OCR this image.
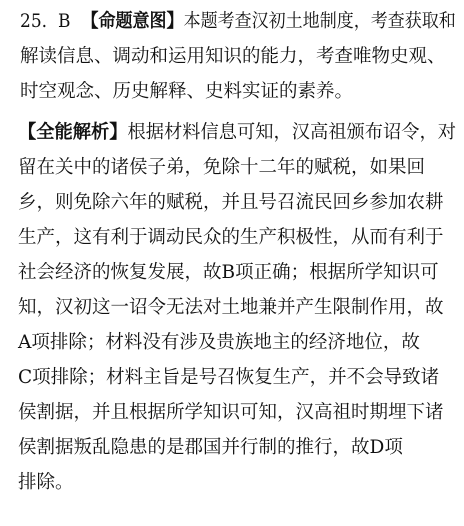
25. B 【命题意图】本题考查汉初土地制度，考查获取和
解读信息、调动和运用知识的能力，考查唯物史观、
时空观念、历史解释、史料实证的素养。
【全能解析】根据材料信息可知，汉高祖颁布诏令，对
留在关中的诸侯子弟，免除十二年的赋税，如果回
乡，则免除六年的赋税，并且号召流民回乡参加农耕
生产，这有利于调动民众的生产积极性，从而有利于
社会经济的恢复发展，故B项正确；根据所学知识可
知，汉初这一诏令无法对土地兼并产生限制作用，故
A项排除；材料没有涉及贵族地主的经济地位，故
C项排除；材料主旨是号召恢复生产，并不会导致诸
侯割据，并且根据所学知识可知，汉高祖时期埋下诸
侯割据叛乱隐患的是郡国并行制的推行，故D项
排除。
